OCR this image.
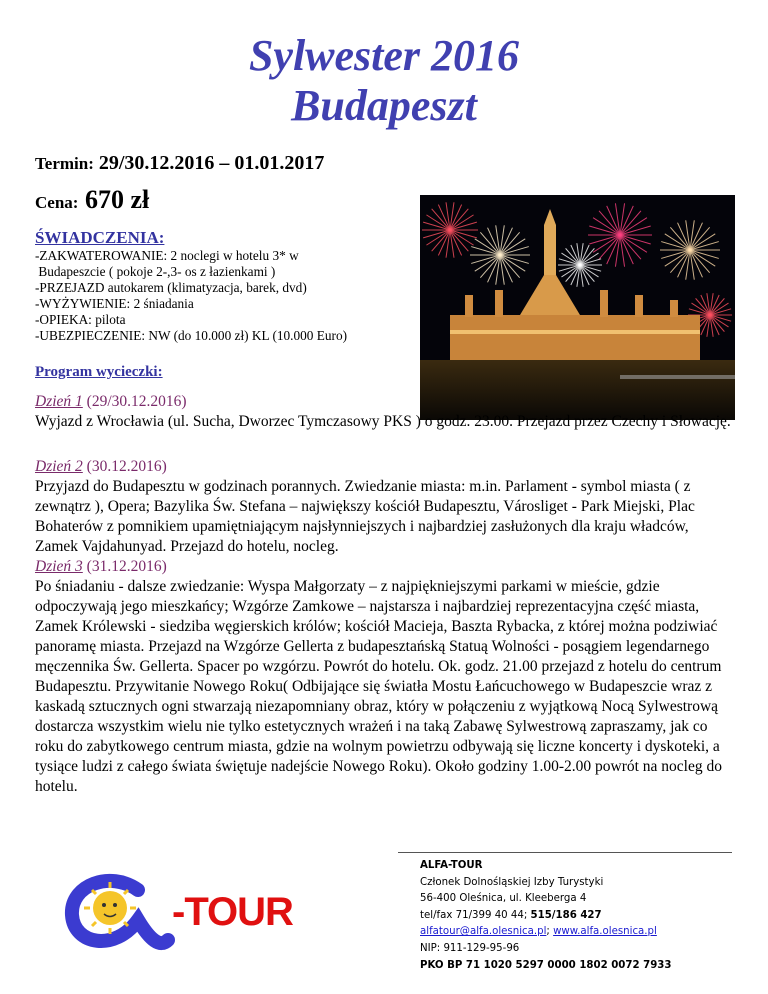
Sylwester 2016
Budapeszt
Termin: 29/30.12.2016 – 01.01.2017
Cena: 670 zł
ŚWIADCZENIA:
-ZAKWATEROWANIE: 2 noclegi w hotelu 3* w
Budapeszcie ( pokoje 2-,3- os z łazienkami )
-PRZEJAZD autokarem (klimatyzacja, barek, dvd)
-WYŻYWIENIE: 2 śniadania
-OPIEKA: pilota
-UBEZPIECZENIE: NW (do 10.000 zł) KL (10.000 Euro)
Program wycieczki:
Dzień 1 (29/30.12.2016)
Wyjazd z Wrocławia (ul. Sucha, Dworzec Tymczasowy PKS ) o godz. 23.00. Przejazd przez Czechy i Słowację.
Dzień 2 (30.12.2016)
Przyjazd do Budapesztu w godzinach porannych. Zwiedzanie miasta: m.in. Parlament - symbol miasta ( z zewnątrz ), Opera; Bazylika Św. Stefana – największy kościół Budapesztu, Városliget - Park Miejski, Plac Bohaterów z pomnikiem upamiętniającym najsłynniejszych i najbardziej zasłużonych dla kraju władców, Zamek Vajdahunyad. Przejazd do hotelu, nocleg.
Dzień 3 (31.12.2016)
Po śniadaniu - dalsze zwiedzanie: Wyspa Małgorzaty – z najpiękniejszymi parkami w mieście, gdzie odpoczywają jego mieszkańcy; Wzgórze Zamkowe – najstarsza i najbardziej reprezentacyjna część miasta, Zamek Królewski - siedziba węgierskich królów; kościół Macieja, Baszta Rybacka, z której można podziwiać panoramę miasta. Przejazd na Wzgórze Gellerta z budapesztańską Statuą Wolności - posągiem legendarnego męczennika Św. Gellerta. Spacer po wzgórzu. Powrót do hotelu. Ok. godz. 21.00 przejazd z hotelu do centrum Budapesztu. Przywitanie Nowego Roku( Odbijające się światła Mostu Łańcuchowego w Budapeszcie wraz z kaskadą sztucznych ogni stwarzają niezapomniany obraz, który w połączeniu z wyjątkową Nocą Sylwestrową dostarcza wszystkim wielu nie tylko estetycznych wrażeń i na taką Zabawę Sylwestrową zapraszamy, jak co roku do zabytkowego centrum miasta, gdzie na wolnym powietrzu odbywają się liczne koncerty i dyskoteki, a tysiące ludzi z całego świata świętuje nadejście Nowego Roku). Około godziny 1.00-2.00 powrót na nocleg do hotelu.
-TOUR
ALFA-TOUR
Członek Dolnośląskiej Izby Turystyki
56-400 Oleśnica, ul. Kleeberga 4
tel/fax 71/399 40 44; 515/186 427
alfatour@alfa.olesnica.pl; www.alfa.olesnica.pl
NIP: 911-129-95-96
PKO BP 71 1020 5297 0000 1802 0072 7933
